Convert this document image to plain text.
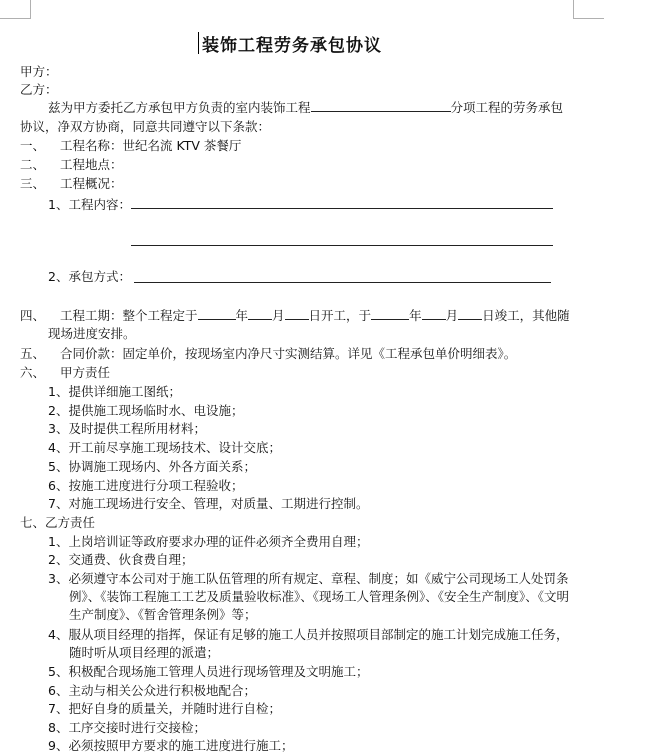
装饰工程劳务承包协议
甲方：
乙方：
兹为甲方委托乙方承包甲方负责的室内装饰工程	分项工程的劳务承包
协议，净双方协商，同意共同遵守以下条款：
一、 工程名称：世纪名流 KTV 茶餐厅
二、 工程地点：
三、 工程概况：
1、工程内容：
2、承包方式：
四、 工程工期：整个工程定于	年 月 日开工，于	年 月 日竣工，其他随
现场进度安排。
五、 合同价款：固定单价，按现场室内净尺寸实测结算。详见《工程承包单价明细表》。
六、 甲方责任
1、提供详细施工图纸；
2、提供施工现场临时水、电设施；
3、及时提供工程所用材料；
4、开工前尽享施工现场技术、设计交底；
5、协调施工现场内、外各方面关系；
6、按施工进度进行分项工程验收；
7、对施工现场进行安全、管理，对质量、工期进行控制。
七、乙方责任
1、上岗培训证等政府要求办理的证件必须齐全费用自理；
2、交通费、伙食费自理；
3、必须遵守本公司对于施工队伍管理的所有规定、章程、制度；如《威宁公司现场工人处罚条
例》、《装饰工程施工工艺及质量验收标准》、《现场工人管理条例》、《安全生产制度》、《文明
生产制度》、《暂舍管理条例》等；
4、服从项目经理的指挥，保证有足够的施工人员并按照项目部制定的施工计划完成施工任务，
随时听从项目经理的派遣；
5、积极配合现场施工管理人员进行现场管理及文明施工；
6、主动与相关公众进行积极地配合；
7、把好自身的质量关，并随时进行自检；
8、工序交接时进行交接检；
9、必须按照甲方要求的施工进度进行施工；
